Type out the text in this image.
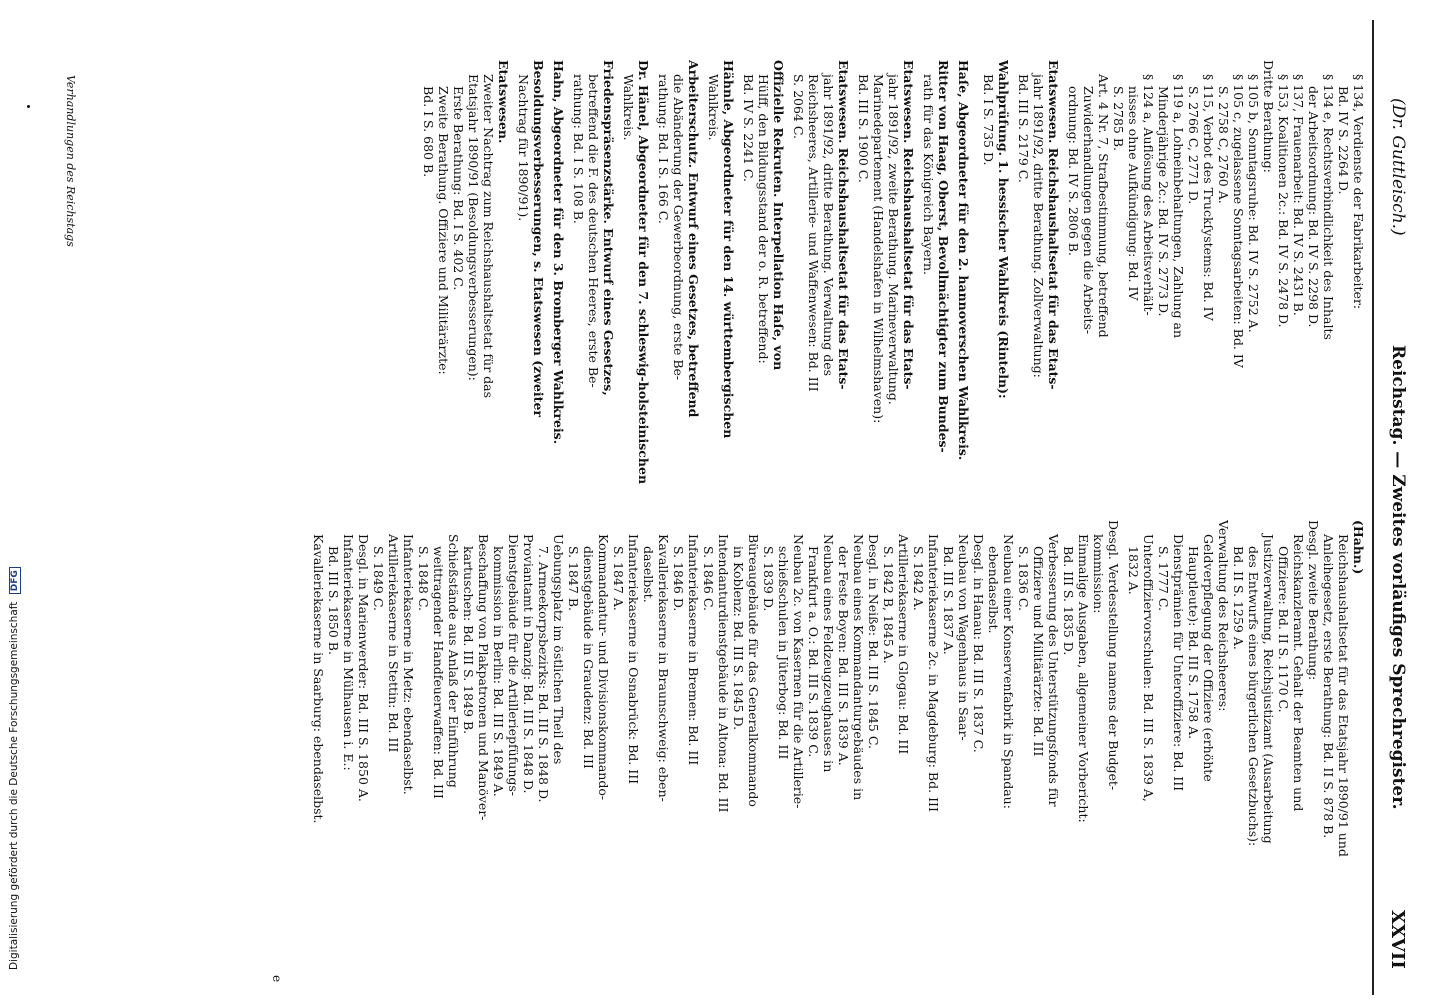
(Dr. Guttleisch.)
Reichstag. — Zweites vorläufiges Sprechregister.
XXVII
§ 134, Verdienste der Fabrikarbeiter:
Bd. IV S. 2264 D.
§ 134 e, Rechtsverbindlichkeit des Inhalts
der Arbeitsordnung: Bd. IV S. 2298 D.
§ 137, Frauenarbeit: Bd. IV S. 2431 B.
§ 153, Koalitionen 2c.: Bd. IV S. 2478 D.
Dritte Berathung:
§ 105 b, Sonntagsruhe: Bd. IV S. 2752 A.
§ 105 c, zugelassene Sonntagsarbeiten: Bd. IV
S. 2758 C, 2760 A.
§ 115, Verbot des Truckſystems: Bd. IV
S. 2766 C, 2771 D.
§ 119 a, Lohneinbehaltungen, Zahlung an
Minderjährige 2c.: Bd. IV S. 2773 D.
§ 124 a, Auflösung des Arbeitsverhält-
nisses ohne Aufkündigung: Bd. IV
S. 2785 B.
Art. 4 Nr. 7, Strafbestimmung, betreffend
Zuwiderhandlungen gegen die Arbeits-
ordnung: Bd. IV S. 2806 B.
Etatswesen. Reichshaushaltsetat für das Etats-
jahr 1891/92, dritte Berathung. Zollverwaltung:
Bd. III S. 2179 C.
Wahlprüfung. 1. hessischer Wahlkreis (Rinteln):
Bd. I S. 735 D.
Haſe, Abgeordneter für den 2. hannoverschen Wahlkreis.
Ritter von Haag, Oberst, Bevollmächtigter zum Bundes-
rath für das Königreich Bayern.
Etatswesen. Reichshaushaltsetat für das Etats-
jahr 1891/92, zweite Berathung. Marineverwaltung.
Marinedepartement (Handelshafen in Wilhelmshaven):
Bd. III S. 1900 C.
Etatswesen. Reichshaushaltsetat für das Etats-
jahr 1891/92, dritte Berathung. Verwaltung des
Reichsheeres, Artillerie- und Waffenwesen: Bd. III
S. 2064 C.
Offizielle Rekruten. Interpellation Haſe, von
Hülff, den Bildungsstand der o. R. betreffend:
Bd. IV S. 2241 C.
Hähnle, Abgeordneter für den 14. württembergischen
Wahlkreis.
Arbeiterschutz. Entwurf eines Gesetzes, betreffend
die Abänderung der Gewerbeordnung, erste Be-
rathung: Bd. I S. 166 C.
Dr. Hänel, Abgeordneter für den 7. schleswig-holsteinischen
Wahlkreis.
Friedenspräsenzstärke. Entwurf eines Gesetzes,
betreffend die F. des deutschen Heeres, erste Be-
rathung: Bd. I S. 108 B.
Hahn, Abgeordneter für den 3. Bromberger Wahlkreis.
Besoldungsverbesserungen, s. Etatswesen (zweiter
Nachtrag für 1890/91).
Etatswesen.
Zweiter Nachtrag zum Reichshaushaltsetat für das
Etatsjahr 1890/91 (Besoldungsverbesserungen):
Erste Berathung: Bd. I S. 402 C.
Zweite Berathung. Offiziere und Militärärzte:
Bd. I S. 680 B.
(Hahn.)
Reichshaushaltsetat für das Etatsjahr 1890/91 und
Anleihegesetz, erste Berathung: Bd. II S. 878 B.
Desgl. zweite Berathung:
Reichskanzleramt. Gehalt der Beamten und
Offiziere: Bd. II S. 1170 C.
Justizverwaltung, Reichsjustizamt (Ausarbeitung
des Entwurfs eines bürgerlichen Gesetzbuchs):
Bd. II S. 1259 A.
Verwaltung des Reichsheeres:
Geldverpflegung der Offiziere (erhöhte
Hauptleute): Bd. III S. 1758 A.
Dienstprämien für Unteroffiziere: Bd. III
S. 1777 C.
Unteroffiziervorschulen: Bd. III S. 1839 A,
1832 A.
Desgl. Verdesstellung namens der Budget-
kommission:
Einmalige Ausgaben, allgemeiner Vorbericht:
Bd. III S. 1835 D.
Verbesserung des Unterstützungsfonds für
Offiziere und Militärärzte: Bd. III
S. 1836 C.
Neubau einer Konservenfabrik in Spandau:
ebendaselbst.
Desgl. in Hanau: Bd. III S. 1837 C.
Neubau von Wagenhaus in Saar-
Bd. III S. 1837 A.
Infanteriekaserne 2c. in Magdeburg: Bd. III
S. 1842 A.
Artilleriekaserne in Glogau: Bd. III
S. 1842 B, 1845 A.
Desgl. in Neiße: Bd. III S. 1845 C.
Neubau eines Kommandanturgebäudes in
der Feste Boyen: Bd. III S. 1839 A.
Neubau eines Feldzeugzeughauses in
Frankfurt a. O.: Bd. III S. 1839 C.
Neubau 2c. von Kasernen für die Artillerie-
schießschulen in Jüterbog: Bd. III
S. 1839 D.
Büreaugebäude für das Generalkommando
in Koblenz: Bd. III S. 1845 D.
Intendanturdienstgebäude in Altona: Bd. III
S. 1846 C.
Infanteriekaserne in Bremen: Bd. III
S. 1846 D.
Kavalleriekaserne in Braunschweig: eben-
daselbst.
Infanteriekaserne in Osnabrück: Bd. III
S. 1847 A.
Kommandantur- und Divisionskommando-
dienstgebäude in Graudenz: Bd. III
S. 1847 B.
Uebungsplatz im östlichen Theil des
7. Armeekorpsbezirks: Bd. III S. 1848 D.
Proviantamt in Danzig: Bd. III S. 1848 D.
Dienstgebäude für die Artilleriepfüfungs-
kommission in Berlin: Bd. III S. 1849 A.
Beschaffung von Plakpatronen und Manöver-
kartuschen: Bd. III S. 1849 B.
Schießstände aus Anlaß der Einführung
weittragender Handfeuerwaffen: Bd. III
S. 1848 C.
Infanteriekaserne in Metz: ebendaselbst.
Artilleriekaserne in Stettin: Bd. III
S. 1849 C.
Desgl. in Marienwerder: Bd. III S. 1850 A.
Infanteriekaserne in Mülhausen i. E.:
Bd. III S. 1850 B.
Kavalleriekaserne in Saarburg: ebendaselbst.
Verhandlungen des Reichstags
e
Digitalisierung gefördert durch die Deutsche Forschungsgemeinschaft DFG
